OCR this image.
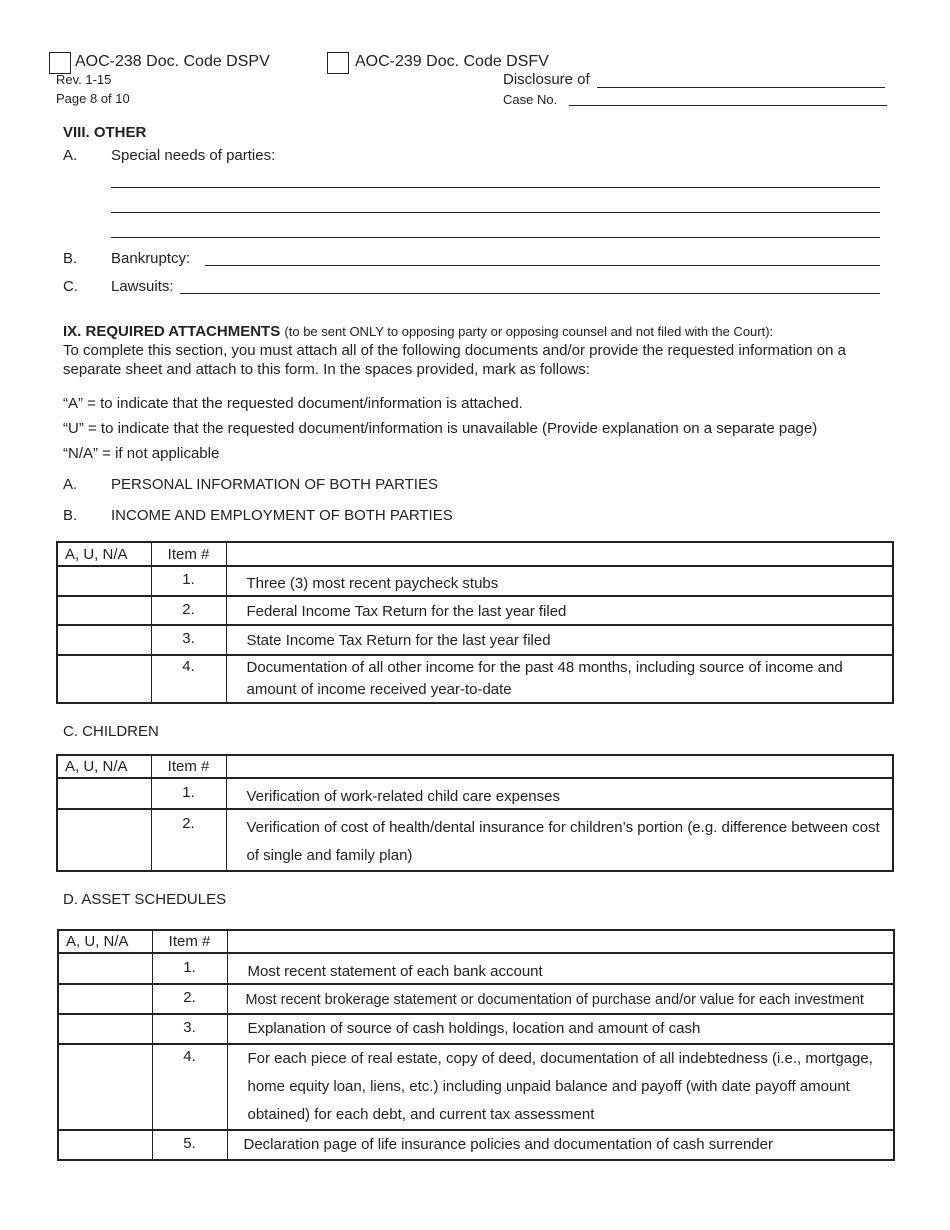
AOC-238 Doc. Code DSPV	AOC-239 Doc. Code DSFV
Rev. 1-15
Page 8 of 10
Disclosure of
Case No.
VIII. OTHER
A. Special needs of parties:
B. Bankruptcy:
C. Lawsuits:
IX. REQUIRED ATTACHMENTS (to be sent ONLY to opposing party or opposing counsel and not filed with the Court):
To complete this section, you must attach all of the following documents and/or provide the requested information on a
separate sheet and attach to this form. In the spaces provided, mark as follows:
“A” = to indicate that the requested document/information is attached.
“U” = to indicate that the requested document/information is unavailable (Provide explanation on a separate page)
“N/A” = if not applicable
A. PERSONAL INFORMATION OF BOTH PARTIES
B. INCOME AND EMPLOYMENT OF BOTH PARTIES
A, U, N/A	Item #	
	1.	Three (3) most recent paycheck stubs
	2.	Federal Income Tax Return for the last year filed
	3.	State Income Tax Return for the last year filed
	4.	Documentation of all other income for the past 48 months, including source of income and amount of income received year-to-date
C. CHILDREN
A, U, N/A	Item #	
	1.	Verification of work-related child care expenses
	2.	Verification of cost of health/dental insurance for children’s portion (e.g. difference between cost of single and family plan)
D. ASSET SCHEDULES
A, U, N/A	Item #	
	1.	Most recent statement of each bank account
	2.	Most recent brokerage statement or documentation of purchase and/or value for each investment
	3.	Explanation of source of cash holdings, location and amount of cash
	4.	For each piece of real estate, copy of deed, documentation of all indebtedness (i.e., mortgage, home equity loan, liens, etc.) including unpaid balance and payoff (with date payoff amount obtained) for each debt, and current tax assessment
	5.	Declaration page of life insurance policies and documentation of cash surrender
